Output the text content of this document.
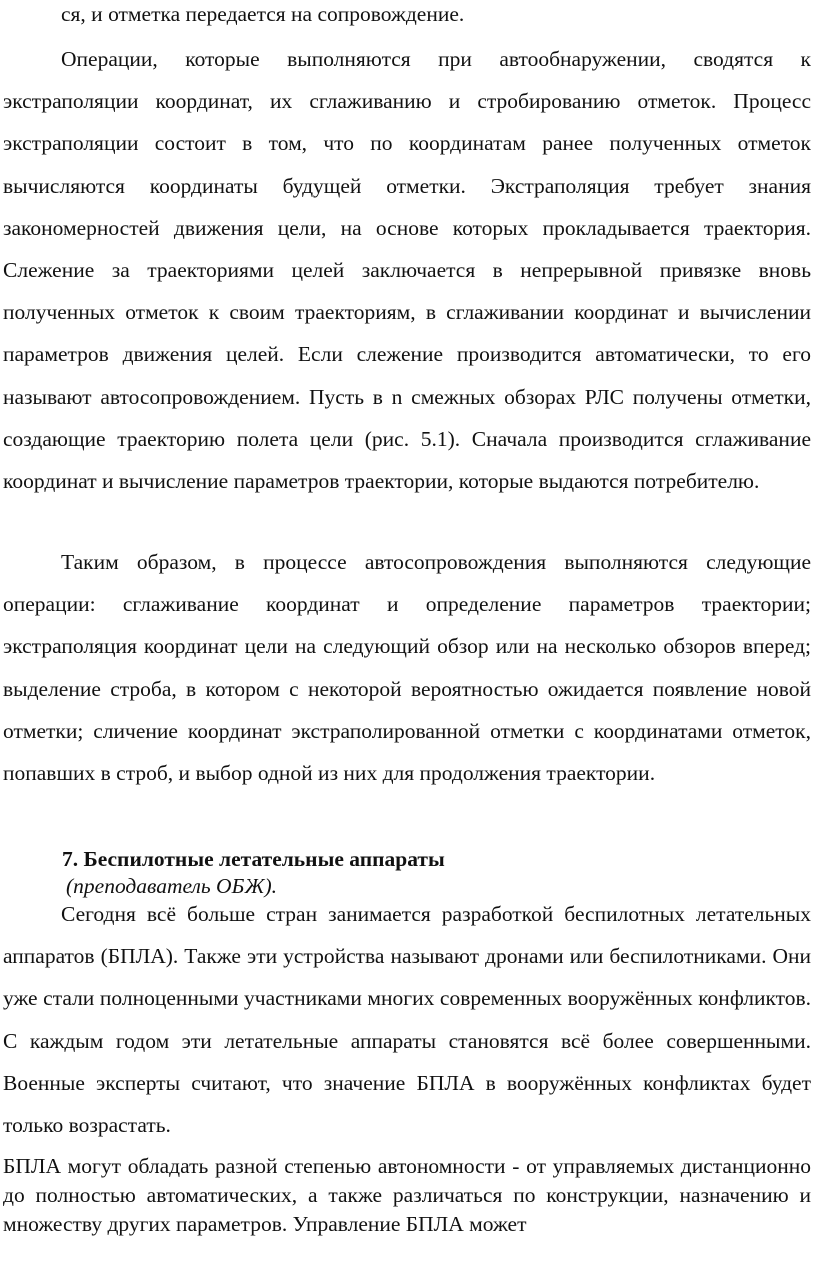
ся, и отметка передается на сопровождение.

Операции, которые выполняются при автообнаружении, сводятся к экстраполяции координат, их сглаживанию и стробированию отметок. Процесс экстраполяции состоит в том, что по координатам ранее полученных отметок вычисляются координаты будущей отметки. Экстраполяция требует знания закономерностей движения цели, на основе которых прокладывается траектория. Слежение за траекториями целей заключается в непрерывной привязке вновь полученных отметок к своим траекториям, в сглаживании координат и вычислении параметров движения целей. Если слежение производится автоматически, то его называют автосопровождением. Пусть в n смежных обзорах РЛС получены отметки, создающие траекторию полета цели (рис. 5.1). Сначала производится сглаживание координат и вычисление параметров траектории, которые выдаются потребителю.

Таким образом, в процессе автосопровождения выполняются следующие операции: сглаживание координат и определение параметров траектории; экстраполяция координат цели на следующий обзор или на несколько обзоров вперед; выделение строба, в котором с некоторой вероятностью ожидается появление новой отметки; сличение координат экстраполированной отметки с координатами отметок, попавших в строб, и выбор одной из них для продолжения траектории.

7. Беспилотные летательные аппараты

(преподаватель ОБЖ).

Сегодня всё больше стран занимается разработкой беспилотных летательных аппаратов (БПЛА). Также эти устройства называют дронами или беспилотниками. Они уже стали полноценными участниками многих современных вооружённых конфликтов. С каждым годом эти летательные аппараты становятся всё более совершенными. Военные эксперты считают, что значение БПЛА в вооружённых конфликтах будет только возрастать.

БПЛА могут обладать разной степенью автономности - от управляемых дистанционно до полностью автоматических, а также различаться по конструкции, назначению и множеству других параметров. Управление БПЛА может
